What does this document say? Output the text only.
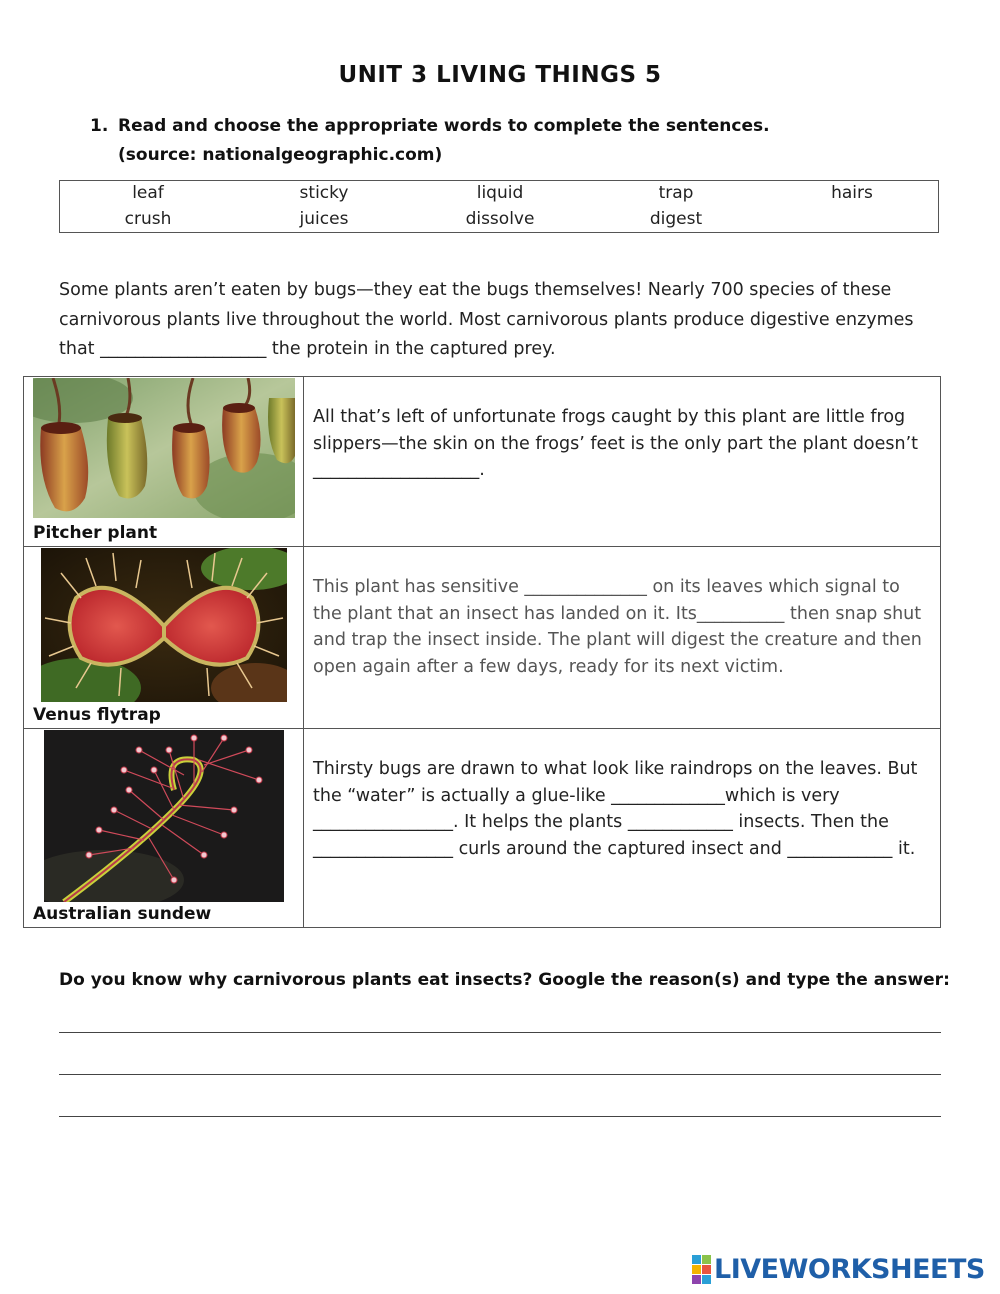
UNIT 3 LIVING THINGS 5
1. Read and choose the appropriate words to complete the sentences.
(source: nationalgeographic.com)
leaf	sticky	liquid	trap	hairs
crush	juices	dissolve	digest
Some plants aren’t eaten by bugs—they eat the bugs themselves! Nearly 700 species of these carnivorous plants live throughout the world. Most carnivorous plants produce digestive enzymes that ___________________ the protein in the captured prey.
Pitcher plant
All that’s left of unfortunate frogs caught by this plant are little frog slippers—the skin on the frogs’ feet is the only part the plant doesn’t ___________________.
Venus flytrap
This plant has sensitive ______________ on its leaves which signal to the plant that an insect has landed on it. Its__________ then snap shut and trap the insect inside. The plant will digest the creature and then open again after a few days, ready for its next victim.
Australian sundew
Thirsty bugs are drawn to what look like raindrops on the leaves. But the “water” is actually a glue-like _____________which is very ________________. It helps the plants ____________ insects. Then the ________________ curls around the captured insect and ____________ it.
Do you know why carnivorous plants eat insects? Google the reason(s) and type the answer:
LIVEWORKSHEETS
